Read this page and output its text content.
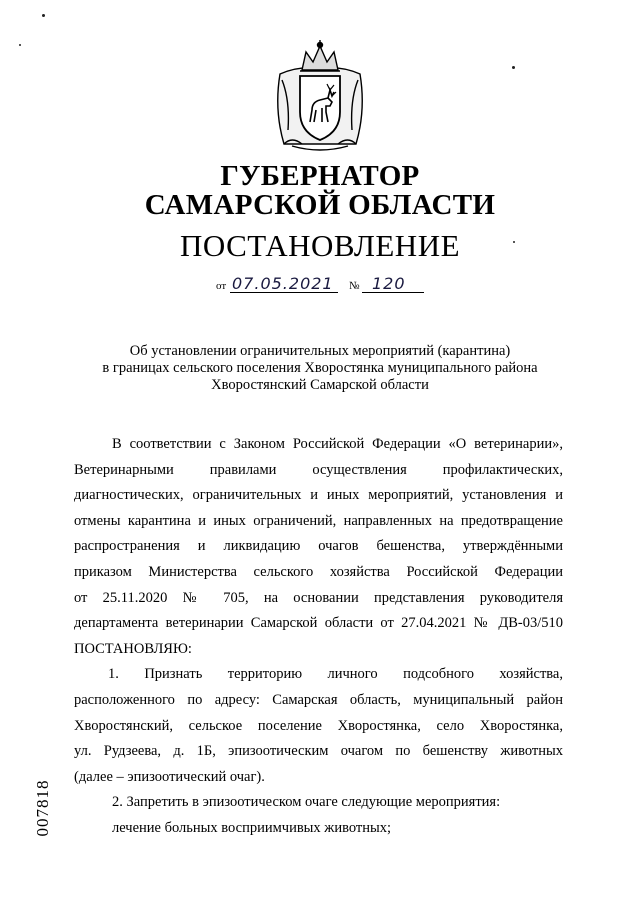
ГУБЕРНАТОР
САМАРСКОЙ ОБЛАСТИ
ПОСТАНОВЛЕНИЕ
от 07.05.2021 № 120
Об установлении ограничительных мероприятий (карантина)
в границах сельского поселения Хворостянка муниципального района
Хворостянский Самарской области
В соответствии с Законом Российской Федерации «О ветеринарии»,
Ветеринарными правилами осуществления профилактических,
диагностических, ограничительных и иных мероприятий, установления и
отмены карантина и иных ограничений, направленных на предотвращение
распространения и ликвидацию очагов бешенства, утверждёнными
приказом Министерства сельского хозяйства Российской Федерации
от 25.11.2020 № 705, на основании представления руководителя
департамента ветеринарии Самарской области от 27.04.2021 № ДВ-03/510
ПОСТАНОВЛЯЮ:
1. Признать территорию личного подсобного хозяйства,
расположенного по адресу: Самарская область, муниципальный район
Хворостянский, сельское поселение Хворостянка, село Хворостянка,
ул. Рудзеева, д. 1Б, эпизоотическим очагом по бешенству животных
(далее – эпизоотический очаг).
2. Запретить в эпизоотическом очаге следующие мероприятия:
лечение больных восприимчивых животных;
007818
